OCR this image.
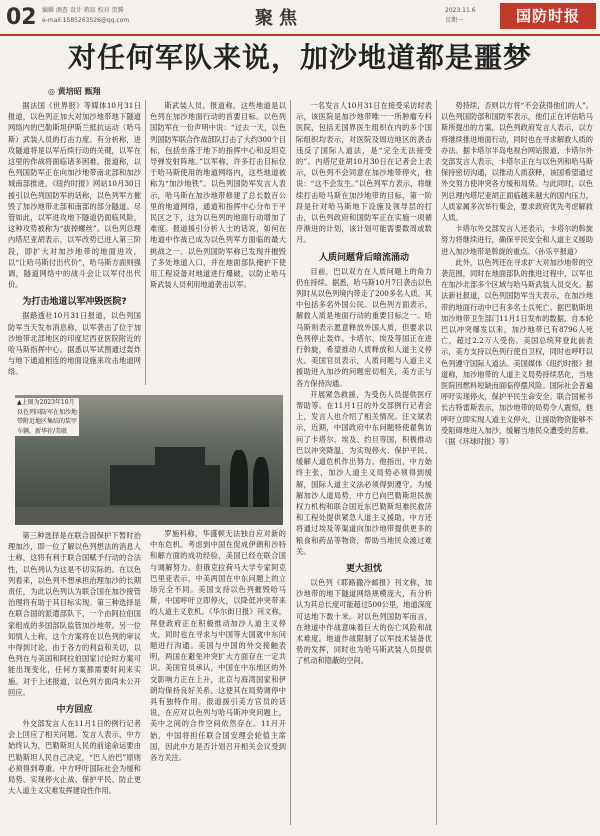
02 编辑 酒查 设计 蒋辰 校对 贺腾
e-mail:1585263526@qq.com	聚焦	2023.11.6
星期一	国防时报
对任何军队来说，加沙地道都是噩梦
◎ 黄培昭 甄翔

据法国《世界报》等媒体10月31日报道，以色列正加大对加沙地带地下隧道网络内的巴勒斯坦伊斯兰抵抗运动（哈马斯）武装人员的打击力度。有分析称，进攻隧道将是以军后续行动的关键，以军在这里的作战将面临诸多困难。报道称，以色列国防军正在向加沙地带南北部和加沙城南部推进，《纽约时报》网站10月30日援引以色列国防军的话称，以色列军方摧毁了加沙地带北部和南部的部分隧道。尽管如此，以军进攻地下隧道仍面临风险，这种攻势被称为“拔掉螺丝”。以色列总理内塔尼亚胡表示，以军改势已进入第三阶段，即扩大对加沙地带的地面进攻，以“让哈马斯付出代价”，哈马斯方面则强调，隧道网络中的战斗会让以军付出代价。

为打击地道以军冲毁医院?

据路透社10月31日报道，以色列国防军当天发布消息称，以军袭击了位于加沙地带北部地区的印度尼西亚医院附近的哈马斯指挥中心。据悉以军试图通过轰炸与地下通道相连的地面设施来攻击地道网络。

斯武装人员。报道称，这些地道是以色列在加沙地面行动的首要目标。以色列国防军在一份声明中说：“过去一天，以色列国防军联合作战部队打击了大约300个目标，包括坐落于地下的指挥中心和反坦克导弹发射阵地。”以军称，许多打击目标位于哈马斯使用的地道网络内，这些地道被称为“加沙地铁”。以色列国防军发言人表示，哈马斯在加沙地带修建了总长数百公里的地道网络，通道和指挥中心分布于平民区之下，这为以色列的地面行动增加了难度。报道援引分析人士的话说，如何在地道中作战已成为以色列军方面临的最大挑战之一。以色列国防军称已发现并摧毁了多处地道入口，并在地面部队掩护下使用工程设备对地道进行爆破，以防止哈马斯武装人员利用地道袭击以军。

▲上图为2023年10月以色列国防军在加沙地带附近地区集结的装甲车辆。新华社/美联

第三种选择是在联合国保护下暂时治理加沙，即一位了解以色列想法的消息人士称，这将有利于联合国赋予行动的合法性，以色列认为这是不切实际的。在以色列看来，以色列不想承担治理加沙的长期责任，为此以色列认为联合国在加沙接管治理将有助于其目标实现。第三种选择是在联合国的派遣部队下，一个由阿拉伯国家组成的多国部队监管加沙地带。另一位知情人士称，这个方案将在以色列的审议中得到讨论，由于各方的利益和关切，以色列在与美国和阿拉伯国家讨论时方案可能出现变化，任何方案都需要时间来实施。对于上述报道，以色列方面尚未公开回应。

中方回应

外交部发言人在11月1日的例行记者会上回应了相关问题。发言人表示，中方始终认为，巴勒斯坦人民的前途命运要由巴勒斯坦人民自己决定，“巴人治巴”原则必须得到尊重。中方呼吁国际社会为缓和局势、实现停火止战、保护平民、防止更大人道主义灾难发挥建设性作用。

罗施科称，华盛顿无法独自应对新的中东危机。考虑到中国在促成伊朗和沙特和解方面的成功经验，美国已经在联合国与调解努力。但俄克拉荷马大学专家阿克巴里亚表示，中美两国在中东问题上的立场完全不同。美国支持以色列摧毁哈马斯，中国呼吁立即停火，以降低冲突带来的人道主义危机。《华尔街日报》刊文称，拜登政府正在积极推动加沙人道主义停火，同时也在寻求与中国等大国就中东问题进行沟通。美国与中国的外交接触表明，两国在避免冲突扩大方面存在一定共识。美国官员承认，中国在中东地区的外交影响力正在上升，北京与海湾国家和伊朗均保持良好关系，这使其在局势调停中具有独特作用。报道援引美方官员的话说，在应对以色列与哈马斯冲突问题上，美中之间的合作空间依然存在。11月开始，中国将担任联合国安理会轮值主席国，因此中方是否计划召开相关会议受到各方关注。

一名发言人10月31日在接受采访时表示，该医院是加沙地带唯一一所肿瘤专科医院，包括无国界医生组织在内的多个国际组织均表示，对医院及周边地区的袭击违反了国际人道法，是“完全无法接受的”。内塔尼亚胡10月30日在记者会上表示，以色列不会同意在加沙地带停火，他说：“这不会发生。”以色列军方表示，将继续打击哈马斯在加沙地带的目标，第一阶段是针对哈马斯地下设施及领导层的打击，以色列政府和国防军正在实施一项循序渐进的计划，该计划可能需要数周或数月。

人质问题背后暗流涌动

目前，巴以双方在人质问题上的角力仍在持续。据悉，哈马斯10月7日袭击以色列时从以色列境内带走了200多名人质，其中包括多名外国公民。以色列方面表示，解救人质是地面行动的重要目标之一。哈马斯则表示愿意释放外国人质，但要求以色列停止轰炸。卡塔尔、埃及等国正在进行斡旋，希望推动人质释放和人道主义停火。美国官员表示，人质问题与人道主义援助进入加沙的问题密切相关，美方正与各方保持沟通。

开展紧急救援，为受伤人员提供医疗帮助等。在11月1日的外交部例行记者会上，发言人也介绍了相关情况。汪文斌表示，近期，中国政府中东问题特使翟隽访问了卡塔尔、埃及、约旦等国，积极推动巴以冲突降温，为实现停火、保护平民、缓解人道危机作出努力。他指出，中方始终主张，加沙人道主义局势必须得到缓解，国际人道主义法必须得到遵守。为缓解加沙人道局势，中方已向巴勒斯坦民族权力机构和联合国近东巴勒斯坦难民救济和工程处提供紧急人道主义援助，中方还将通过埃及等渠道向加沙地带提供更多的粮食和药品等物资，帮助当地民众渡过难关。

更大担忧

以色列《耶路撒冷邮报》刊文称，加沙地带的地下隧道网络规模庞大，有分析认为其总长度可能超过500公里，地道深度可达地下数十米。对以色列国防军而言，在地道中作战意味着巨大的伤亡风险和战术难度。地道作战限制了以军技术装备优势的发挥，同时也为哈马斯武装人员提供了机动和隐蔽的空间。

势持续，否则以方将“不会获得他们的人”。以色列国防部和国防军表示，他们正在评估哈马斯所提出的方案，以色列政府发言人表示，以方将继续推进地面行动，同时也在寻求解救人质的办法。据卡塔尔半岛电视台网站报道，卡塔尔外交部发言人表示，卡塔尔正在与以色列和哈马斯保持密切沟通，以推动人质获释，该国希望通过外交努力使冲突各方缓和局势。与此同时，以色列总理内塔尼亚胡正面临越来越大的国内压力，人质家属多次举行集会，要求政府优先考虑解救人质。

卡塔尔外交部发言人还表示，卡塔尔的斡旋努力将继续进行，确保平民安全和人道主义援助进入加沙地带是斡旋的重点。（孙乐平报道）

此外，以色列还在寻求扩大对加沙地带的空袭范围，同时在地面部队的推进过程中，以军也在加沙北部多个区域与哈马斯武装人员交火。据法新社报道，以色列国防军当天表示，在加沙地带的地面行动中已有多名士兵死亡。据巴勒斯坦加沙地带卫生部门11月1日发布的数据，自本轮巴以冲突爆发以来，加沙地带已有8796人死亡，超过2.2万人受伤。美国总统拜登此前表示，美方支持以色列行使自卫权，同时也呼吁以色列遵守国际人道法。美国媒体《纽约时报》报道称，加沙地带的人道主义局势持续恶化，当地医院因燃料短缺而面临停摆风险。国际社会普遍呼吁实现停火，保护平民生命安全。联合国秘书长古特雷斯表示，加沙地带的局势令人震惊，他呼吁立即实现人道主义停火，让援助物资能够不受阻碍地进入加沙，缓解当地民众遭受的苦难。（据《环球时报》等）
